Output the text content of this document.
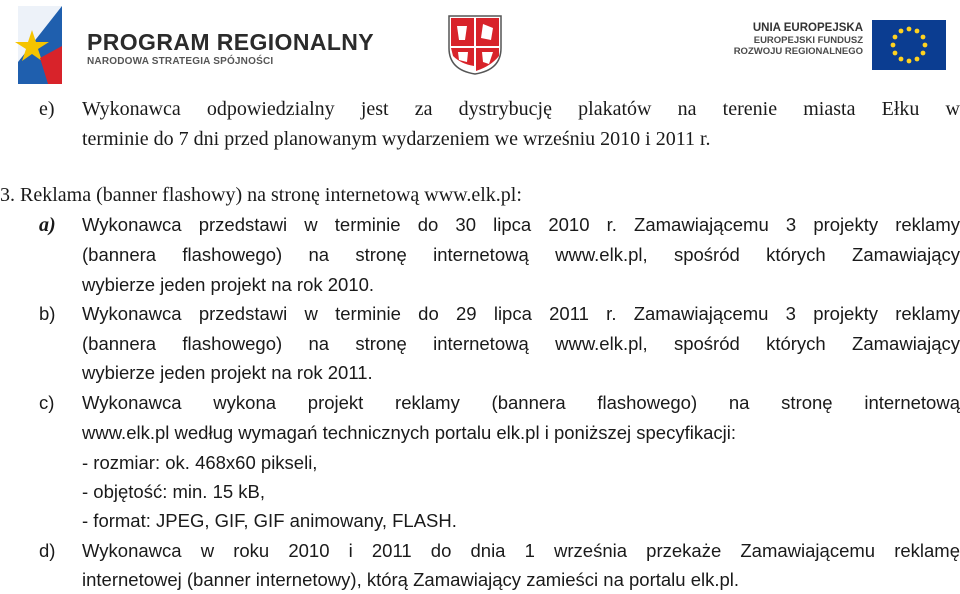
PROGRAM REGIONALNY
NARODOWA STRATEGIA SPÓJNOŚCI
UNIA EUROPEJSKA
EUROPEJSKI FUNDUSZ
ROZWOJU REGIONALNEGO
e) Wykonawca odpowiedzialny jest za dystrybucję plakatów na terenie miasta Ełku w
terminie do 7 dni przed planowanym wydarzeniem we wrześniu 2010 i 2011 r.
3. Reklama (banner flashowy) na stronę internetową www.elk.pl:
a) Wykonawca przedstawi w terminie do 30 lipca 2010 r. Zamawiającemu 3 projekty reklamy
(bannera flashowego) na stronę internetową www.elk.pl, spośród których Zamawiający
wybierze jeden projekt na rok 2010.
b) Wykonawca przedstawi w terminie do 29 lipca 2011 r. Zamawiającemu 3 projekty reklamy
(bannera flashowego) na stronę internetową www.elk.pl, spośród których Zamawiający
wybierze jeden projekt na rok 2011.
c) Wykonawca wykona projekt reklamy (bannera flashowego) na stronę internetową
www.elk.pl według wymagań technicznych portalu elk.pl i poniższej specyfikacji:
- rozmiar: ok. 468x60 pikseli,
- objętość: min. 15 kB,
- format: JPEG, GIF, GIF animowany, FLASH.
d) Wykonawca w roku 2010 i 2011 do dnia 1 września przekaże Zamawiającemu reklamę
internetowej (banner internetowy), którą Zamawiający zamieści na portalu elk.pl.
